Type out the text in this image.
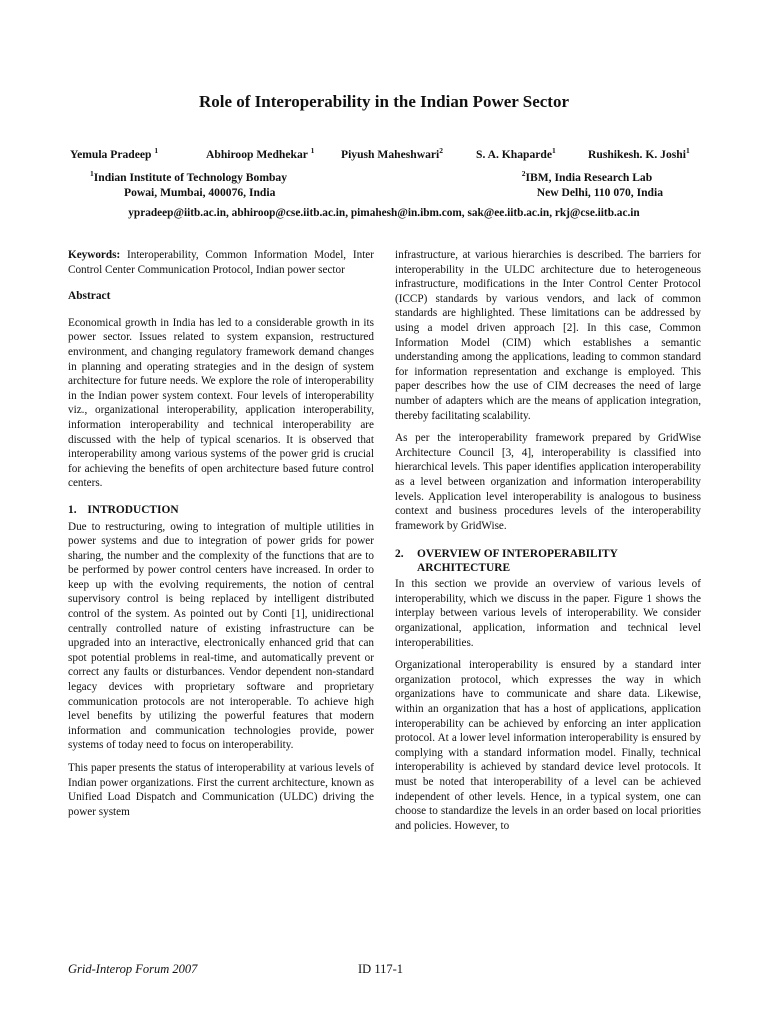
Role of Interoperability in the Indian Power Sector
Yemula Pradeep $^1$	Abhiroop Medhekar $^1$ Piyush Maheshwari$^2$	S. A. Khaparde$^1$	Rushikesh. K. Joshi$^1$
$^1$Indian Institute of Technology Bombay
Powai, Mumbai, 400076, India
$^2$IBM, India Research Lab
New Delhi, 110 070, India
ypradeep@iitb.ac.in, abhiroop@cse.iitb.ac.in, pimahesh@in.ibm.com, sak@ee.iitb.ac.in, rkj@cse.iitb.ac.in

Keywords: Interoperability, Common Information Model, Inter Control Center Communication Protocol, Indian power sector

Abstract

Economical growth in India has led to a considerable growth in its power sector. Issues related to system expansion, restructured environment, and changing regulatory framework demand changes in planning and operating strategies and in the design of system architecture for future needs. We explore the role of interoperability in the Indian power system context. Four levels of interoperability viz., organizational interoperability, application interoperability, information interoperability and technical interoperability are discussed with the help of typical scenarios. It is observed that interoperability among various systems of the power grid is crucial for achieving the benefits of open architecture based future control centers.

1. INTRODUCTION

Due to restructuring, owing to integration of multiple utilities in power systems and due to integration of power grids for power sharing, the number and the complexity of the functions that are to be performed by power control centers have increased. In order to keep up with the evolving requirements, the notion of central supervisory control is being replaced by intelligent distributed control of the system. As pointed out by Conti [1], unidirectional centrally controlled nature of existing infrastructure can be upgraded into an interactive, electronically enhanced grid that can spot potential problems in real-time, and automatically prevent or correct any faults or disturbances. Vendor dependent non-standard legacy devices with proprietary software and proprietary communication protocols are not interoperable. To achieve high level benefits by utilizing the powerful features that modern information and communication technologies provide, power systems of today need to focus on interoperability.

This paper presents the status of interoperability at various levels of Indian power organizations. First the current architecture, known as Unified Load Dispatch and Communication (ULDC) driving the power system

infrastructure, at various hierarchies is described. The barriers for interoperability in the ULDC architecture due to heterogeneous infrastructure, modifications in the Inter Control Center Protocol (ICCP) standards by various vendors, and lack of common standards are highlighted. These limitations can be addressed by using a model driven approach [2]. In this case, Common Information Model (CIM) which establishes a semantic understanding among the applications, leading to common standard for information representation and exchange is employed. This paper describes how the use of CIM decreases the need of large number of adapters which are the means of application integration, thereby facilitating scalability.

As per the interoperability framework prepared by GridWise Architecture Council [3, 4], interoperability is classified into hierarchical levels. This paper identifies application interoperability as a level between organization and information interoperability levels. Application level interoperability is analogous to business context and business procedures levels of the interoperability framework by GridWise.

2. OVERVIEW OF INTEROPERABILITY
ARCHITECTURE

In this section we provide an overview of various levels of interoperability, which we discuss in the paper. Figure 1 shows the interplay between various levels of interoperability. We consider organizational, application, information and technical level interoperabilities.

Organizational interoperability is ensured by a standard inter organization protocol, which expresses the way in which organizations have to communicate and share data. Likewise, within an organization that has a host of applications, application interoperability can be achieved by enforcing an inter application protocol. At a lower level information interoperability is ensured by complying with a standard information model. Finally, technical interoperability is achieved by standard device level protocols. It must be noted that interoperability of a level can be achieved independent of other levels. Hence, in a typical system, one can choose to standardize the levels in an order based on local priorities and policies. However, to

Grid-Interop Forum 2007	ID 117-1
